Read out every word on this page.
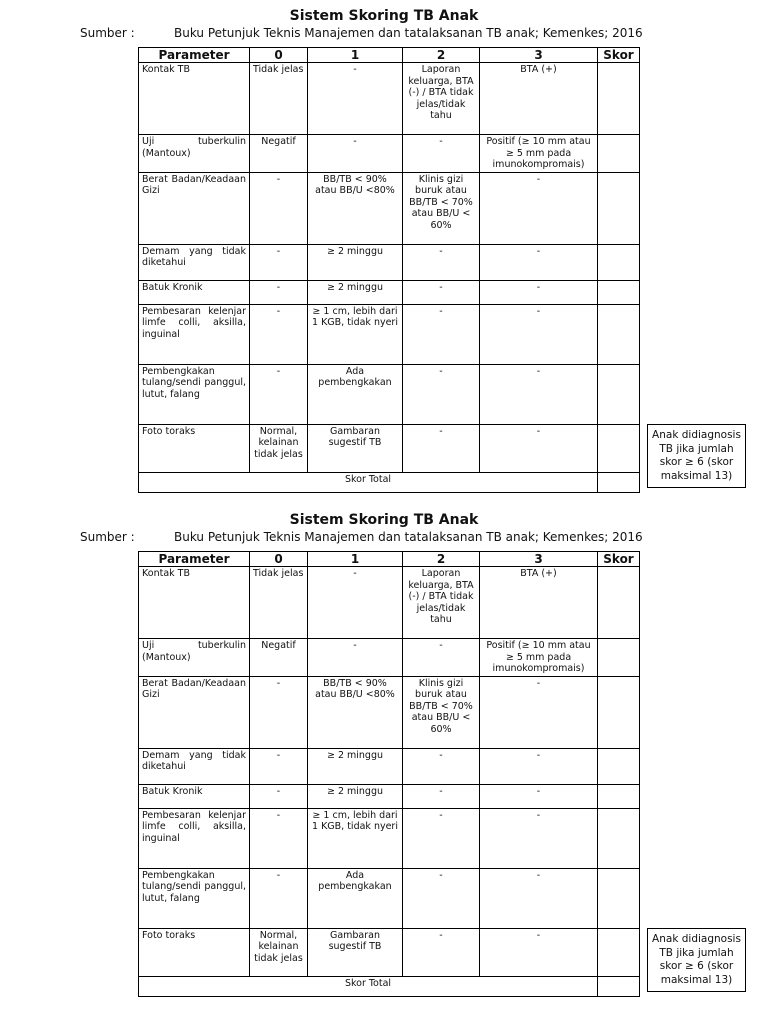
Sistem Skoring TB Anak
Sumber :	Buku Petunjuk Teknis Manajemen dan tatalaksanan TB anak; Kemenkes; 2016
Parameter	0	1	2	3	Skor
Kontak TB	Tidak jelas	-	Laporan keluarga, BTA (-) / BTA tidak jelas/tidak tahu	BTA (+)	
Uji tuberkulin (Mantoux)	Negatif	-	-	Positif (≥ 10 mm atau ≥ 5 mm pada imunokompromais)	
Berat Badan/Keadaan Gizi	-	BB/TB < 90% atau BB/U <80%	Klinis gizi buruk atau BB/TB < 70% atau BB/U < 60%	-	
Demam yang tidak diketahui	-	≥ 2 minggu	-	-	
Batuk Kronik	-	≥ 2 minggu	-	-	
Pembesaran kelenjar limfe colli, aksilla, inguinal	-	≥ 1 cm, lebih dari 1 KGB, tidak nyeri	-	-	
Pembengkakan tulang/sendi panggul, lutut, falang	-	Ada pembengkakan	-	-	
Foto toraks	Normal, kelainan tidak jelas	Gambaran sugestif TB	-	-	
Skor Total					
Anak didiagnosis TB jika jumlah skor ≥ 6 (skor maksimal 13)
Sistem Skoring TB Anak
Sumber :	Buku Petunjuk Teknis Manajemen dan tatalaksanan TB anak; Kemenkes; 2016
Parameter	0	1	2	3	Skor
Kontak TB	Tidak jelas	-	Laporan keluarga, BTA (-) / BTA tidak jelas/tidak tahu	BTA (+)	
Uji tuberkulin (Mantoux)	Negatif	-	-	Positif (≥ 10 mm atau ≥ 5 mm pada imunokompromais)	
Berat Badan/Keadaan Gizi	-	BB/TB < 90% atau BB/U <80%	Klinis gizi buruk atau BB/TB < 70% atau BB/U < 60%	-	
Demam yang tidak diketahui	-	≥ 2 minggu	-	-	
Batuk Kronik	-	≥ 2 minggu	-	-	
Pembesaran kelenjar limfe colli, aksilla, inguinal	-	≥ 1 cm, lebih dari 1 KGB, tidak nyeri	-	-	
Pembengkakan tulang/sendi panggul, lutut, falang	-	Ada pembengkakan	-	-	
Foto toraks	Normal, kelainan tidak jelas	Gambaran sugestif TB	-	-	
Skor Total					
Anak didiagnosis TB jika jumlah skor ≥ 6 (skor maksimal 13)
